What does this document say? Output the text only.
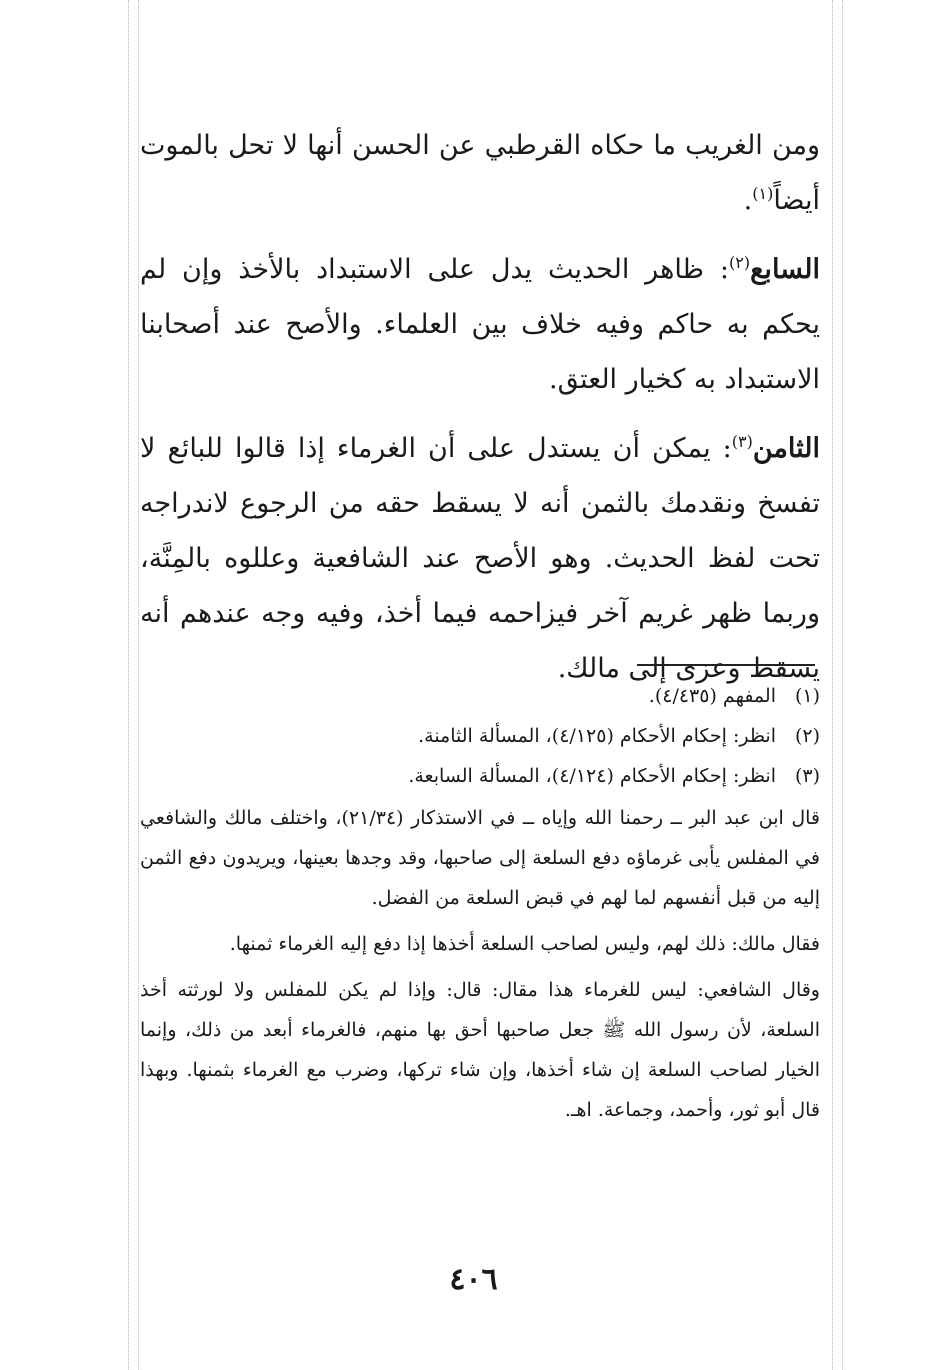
ومن الغريب ما حكاه القرطبي عن الحسن أنها لا تحل بالموت أيضاً$^{(١)}$.

السابع$^{(٢)}$: ظاهر الحديث يدل على الاستبداد بالأخذ وإن لم يحكم به حاكم وفيه خلاف بين العلماء. والأصح عند أصحابنا الاستبداد به كخيار العتق.

الثامن$^{(٣)}$: يمكن أن يستدل على أن الغرماء إذا قالوا للبائع لا تفسخ ونقدمك بالثمن أنه لا يسقط حقه من الرجوع لاندراجه تحت لفظ الحديث. وهو الأصح عند الشافعية وعللوه بالمِنَّة، وربما ظهر غريم آخر فيزاحمه فيما أخذ، وفيه وجه عندهم أنه يسقط وعزى إلى مالك.

(١)
المفهم (٤/٤٣٥).
(٢)
انظر: إحكام الأحكام (٤/١٢٥)، المسألة الثامنة.
(٣)
انظر: إحكام الأحكام (٤/١٢٤)، المسألة السابعة.

قال ابن عبد البر ــ رحمنا الله وإياه ــ في الاستذكار (٢١/٣٤)، واختلف مالك والشافعي في المفلس يأبى غرماؤه دفع السلعة إلى صاحبها، وقد وجدها بعينها، ويريدون دفع الثمن إليه من قبل أنفسهم لما لهم في قبض السلعة من الفضل.

فقال مالك: ذلك لهم، وليس لصاحب السلعة أخذها إذا دفع إليه الغرماء ثمنها.

وقال الشافعي: ليس للغرماء هذا مقال: قال: وإذا لم يكن للمفلس ولا لورثته أخذ السلعة، لأن رسول الله ﷺ جعل صاحبها أحق بها منهم، فالغرماء أبعد من ذلك، وإنما الخيار لصاحب السلعة إن شاء أخذها، وإن شاء تركها، وضرب مع الغرماء بثمنها. وبهذا قال أبو ثور، وأحمد، وجماعة. اهـ.

٤٠٦
